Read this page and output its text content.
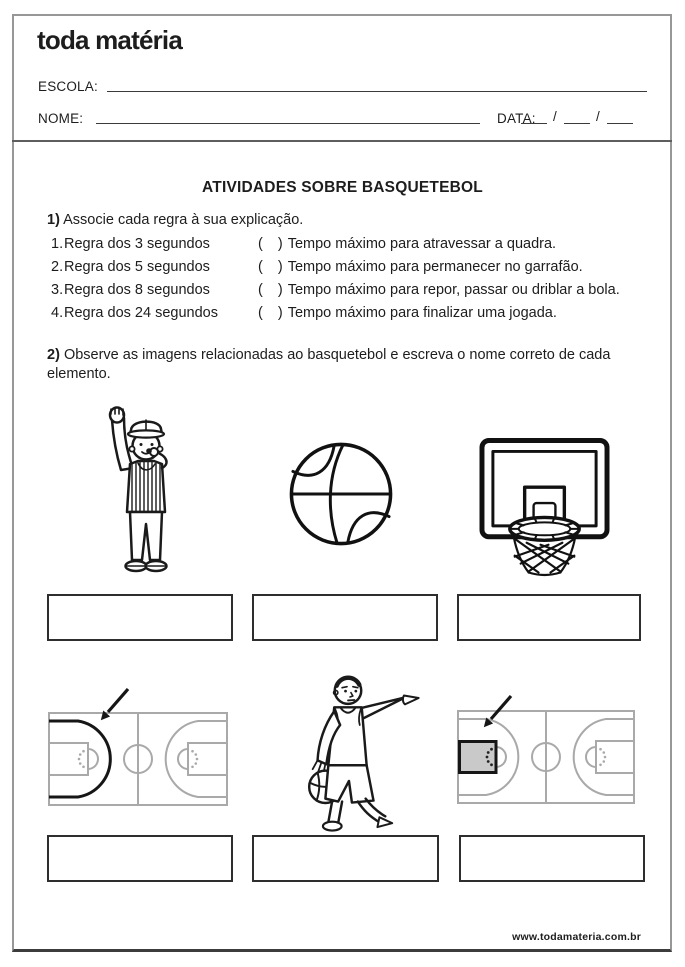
toda matéria
ESCOLA:
NOME:	DATA: /	/
ATIVIDADES SOBRE BASQUETEBOL
1) Associe cada regra à sua explicação.
1.Regra dos 3 segundos	( ) Tempo máximo para atravessar a quadra.
2.Regra dos 5 segundos	( ) Tempo máximo para permanecer no garrafão.
3.Regra dos 8 segundos	( ) Tempo máximo para repor, passar ou driblar a bola.
4.Regra dos 24 segundos	( ) Tempo máximo para finalizar uma jogada.
2) Observe as imagens relacionadas ao basquetebol e escreva o nome correto de cada elemento.
www.todamateria.com.br
